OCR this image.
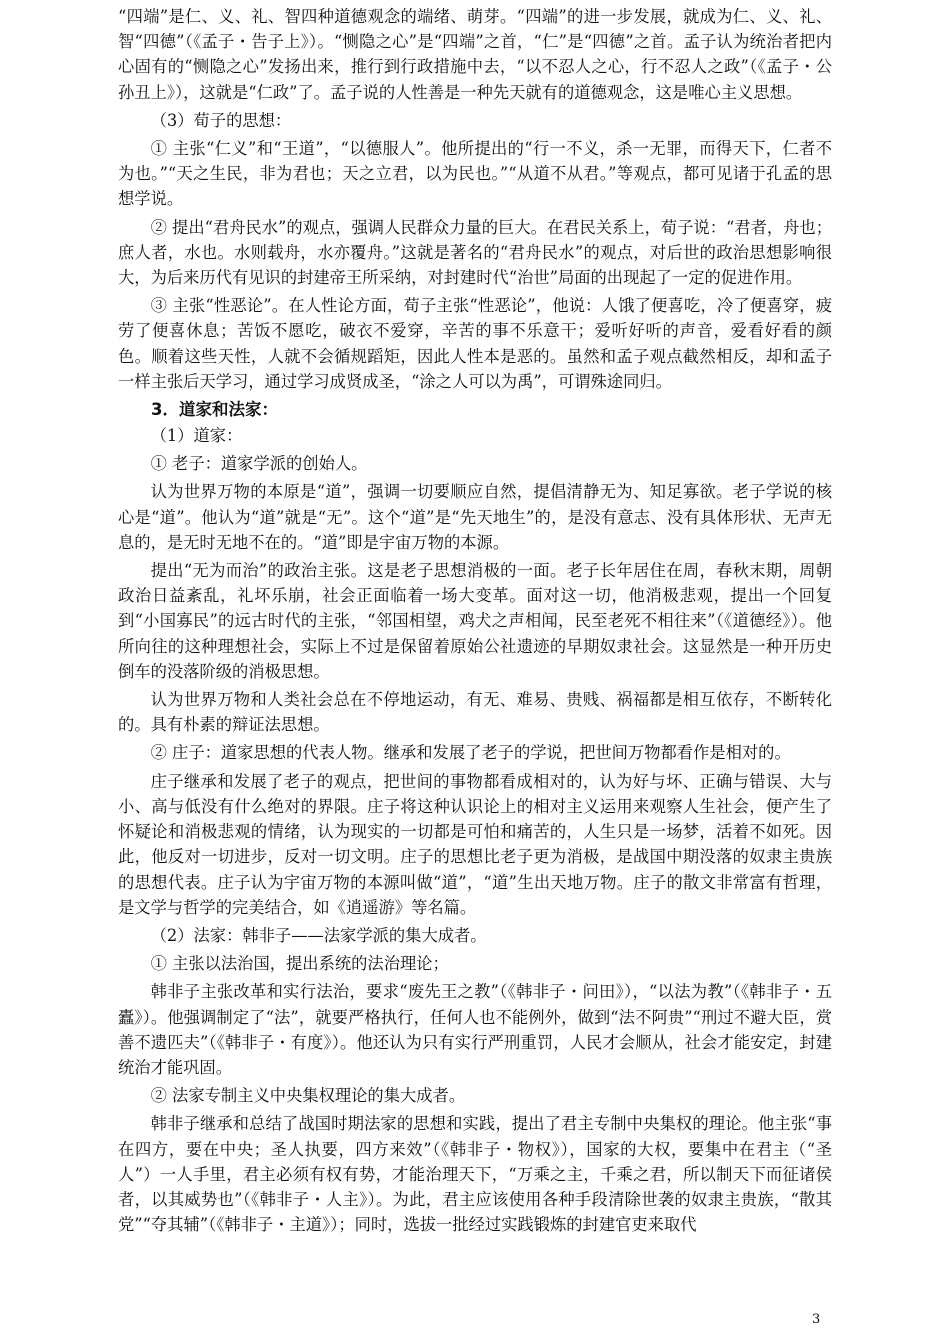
“四端”是仁、义、礼、智四种道德观念的端绪、萌芽。“四端”的进一步发展，就成为仁、义、礼、智“四德”（《孟子・告子上》）。“恻隐之心”是“四端”之首，“仁”是“四德”之首。孟子认为统治者把内心固有的“恻隐之心”发扬出来，推行到行政措施中去，“以不忍人之心，行不忍人之政”（《孟子・公孙丑上》），这就是“仁政”了。孟子说的人性善是一种先天就有的道德观念，这是唯心主义思想。

（3）荀子的思想：

① 主张“仁义”和“王道”，“以德服人”。他所提出的“行一不义，杀一无罪，而得天下，仁者不为也。”“天之生民，非为君也；天之立君，以为民也。”“从道不从君。”等观点，都可见诸于孔孟的思想学说。

② 提出“君舟民水”的观点，强调人民群众力量的巨大。在君民关系上，荀子说：“君者，舟也；庶人者，水也。水则载舟，水亦覆舟。”这就是著名的“君舟民水”的观点，对后世的政治思想影响很大，为后来历代有见识的封建帝王所采纳，对封建时代“治世”局面的出现起了一定的促进作用。

③ 主张“性恶论”。在人性论方面，荀子主张“性恶论”，他说：人饿了便喜吃，冷了便喜穿，疲劳了便喜休息；苦饭不愿吃，破衣不爱穿，辛苦的事不乐意干；爱听好听的声音，爱看好看的颜色。顺着这些天性，人就不会循规蹈矩，因此人性本是恶的。虽然和孟子观点截然相反，却和孟子一样主张后天学习，通过学习成贤成圣，“涂之人可以为禹”，可谓殊途同归。

3．道家和法家：

（1）道家：

① 老子：道家学派的创始人。

认为世界万物的本原是“道”，强调一切要顺应自然，提倡清静无为、知足寡欲。老子学说的核心是“道”。他认为“道”就是“无”。这个“道”是“先天地生”的，是没有意志、没有具体形状、无声无息的，是无时无地不在的。“道”即是宇宙万物的本源。

提出“无为而治”的政治主张。这是老子思想消极的一面。老子长年居住在周，春秋末期，周朝政治日益紊乱，礼坏乐崩，社会正面临着一场大变革。面对这一切，他消极悲观，提出一个回复到“小国寡民”的远古时代的主张，“邻国相望，鸡犬之声相闻，民至老死不相往来”（《道德经》）。他所向往的这种理想社会，实际上不过是保留着原始公社遗迹的早期奴隶社会。这显然是一种开历史倒车的没落阶级的消极思想。

认为世界万物和人类社会总在不停地运动，有无、难易、贵贱、祸福都是相互依存，不断转化的。具有朴素的辩证法思想。

② 庄子：道家思想的代表人物。继承和发展了老子的学说，把世间万物都看作是相对的。

庄子继承和发展了老子的观点，把世间的事物都看成相对的，认为好与坏、正确与错误、大与小、高与低没有什么绝对的界限。庄子将这种认识论上的相对主义运用来观察人生社会，便产生了怀疑论和消极悲观的情绪，认为现实的一切都是可怕和痛苦的，人生只是一场梦，活着不如死。因此，他反对一切进步，反对一切文明。庄子的思想比老子更为消极，是战国中期没落的奴隶主贵族的思想代表。庄子认为宇宙万物的本源叫做“道”，“道”生出天地万物。庄子的散文非常富有哲理，是文学与哲学的完美结合，如《逍遥游》等名篇。

（2）法家：韩非子——法家学派的集大成者。

① 主张以法治国，提出系统的法治理论；

韩非子主张改革和实行法治，要求“废先王之教”（《韩非子・问田》），“以法为教”（《韩非子・五蠹》）。他强调制定了“法”，就要严格执行，任何人也不能例外，做到“法不阿贵”“刑过不避大臣，赏善不遗匹夫”（《韩非子・有度》）。他还认为只有实行严刑重罚，人民才会顺从，社会才能安定，封建统治才能巩固。

② 法家专制主义中央集权理论的集大成者。

韩非子继承和总结了战国时期法家的思想和实践，提出了君主专制中央集权的理论。他主张“事在四方，要在中央；圣人执要，四方来效”（《韩非子・物权》），国家的大权，要集中在君主（“圣人”）一人手里，君主必须有权有势，才能治理天下，“万乘之主，千乘之君，所以制天下而征诸侯者，以其威势也”（《韩非子・人主》）。为此，君主应该使用各种手段清除世袭的奴隶主贵族，“散其党”“夺其辅”（《韩非子・主道》）；同时，选拔一批经过实践锻炼的封建官吏来取代

3
